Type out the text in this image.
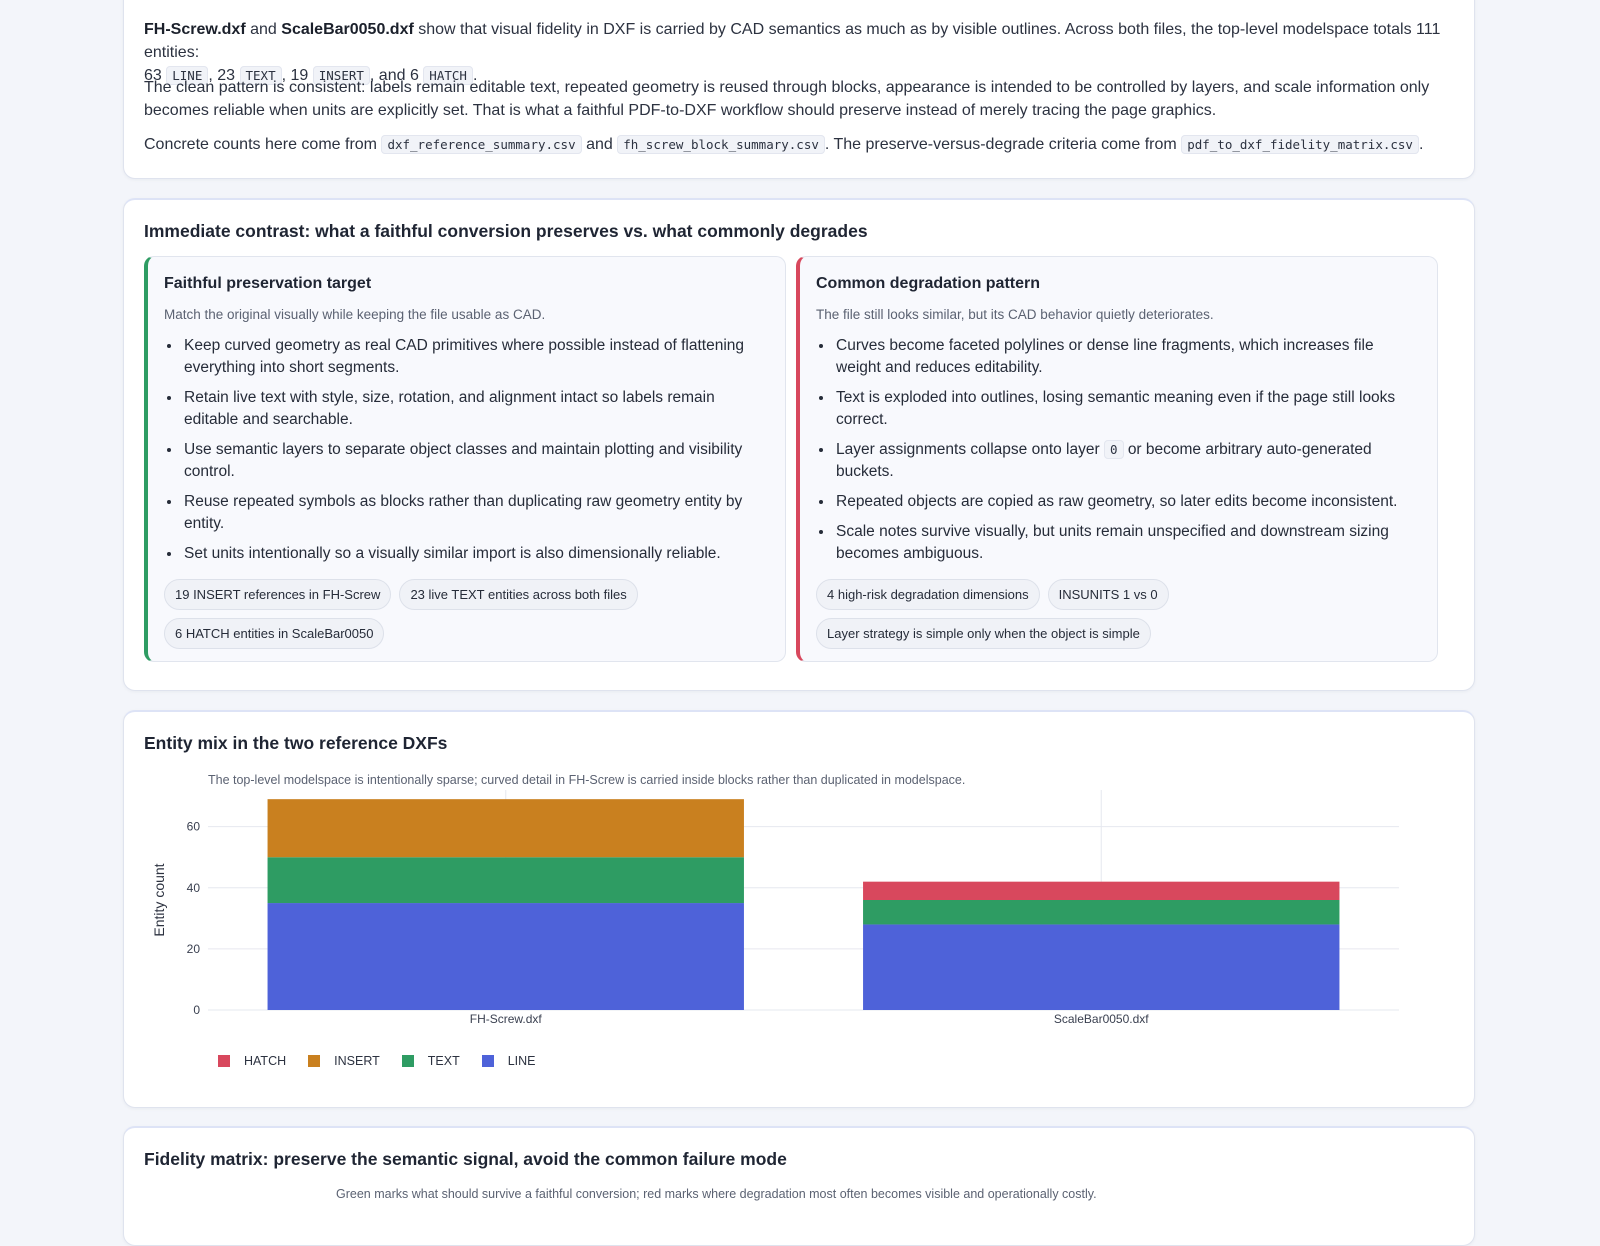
FH-Screw.dxf and ScaleBar0050.dxf show that visual fidelity in DXF is carried by CAD semantics as much as by visible outlines. Across both files, the top-level modelspace totals 111 entities:
63 LINE , 23 TEXT , 19 INSERT , and 6 HATCH .

The clean pattern is consistent: labels remain editable text, repeated geometry is reused through blocks, appearance is intended to be controlled by layers, and scale information only becomes reliable when units are explicitly set. That is what a faithful PDF-to-DXF workflow should preserve instead of merely tracing the page graphics.

Concrete counts here come from dxf_reference_summary.csv and fh_screw_block_summary.csv . The preserve-versus-degrade criteria come from pdf_to_dxf_fidelity_matrix.csv .

Immediate contrast: what a faithful conversion preserves vs. what commonly degrades
Faithful preservation target
Match the original visually while keeping the file usable as CAD.
• Keep curved geometry as real CAD primitives where possible instead of flattening everything into short segments.
• Retain live text with style, size, rotation, and alignment intact so labels remain editable and searchable.
• Use semantic layers to separate object classes and maintain plotting and visibility control.
• Reuse repeated symbols as blocks rather than duplicating raw geometry entity by entity.
• Set units intentionally so a visually similar import is also dimensionally reliable.
19 INSERT references in FH-Screw	23 live TEXT entities across both files
6 HATCH entities in ScaleBar0050
Common degradation pattern
The file still looks similar, but its CAD behavior quietly deteriorates.
• Curves become faceted polylines or dense line fragments, which increases file weight and reduces editability.
• Text is exploded into outlines, losing semantic meaning even if the page still looks correct.
• Layer assignments collapse onto layer 0 or become arbitrary auto-generated buckets.
• Repeated objects are copied as raw geometry, so later edits become inconsistent.
• Scale notes survive visually, but units remain unspecified and downstream sizing becomes ambiguous.
4 high-risk degradation dimensions	INSUNITS 1 vs 0
Layer strategy is simple only when the object is simple
Entity mix in the two reference DXFs
The top-level modelspace is intentionally sparse; curved detail in FH-Screw is carried inside blocks rather than duplicated in modelspace.
0
20
40
60
Entity count
FH-Screw.dxf	ScaleBar0050.dxf
HATCH	INSERT	TEXT	LINE
Fidelity matrix: preserve the semantic signal, avoid the common failure mode
Green marks what should survive a faithful conversion; red marks where degradation most often becomes visible and operationally costly.
